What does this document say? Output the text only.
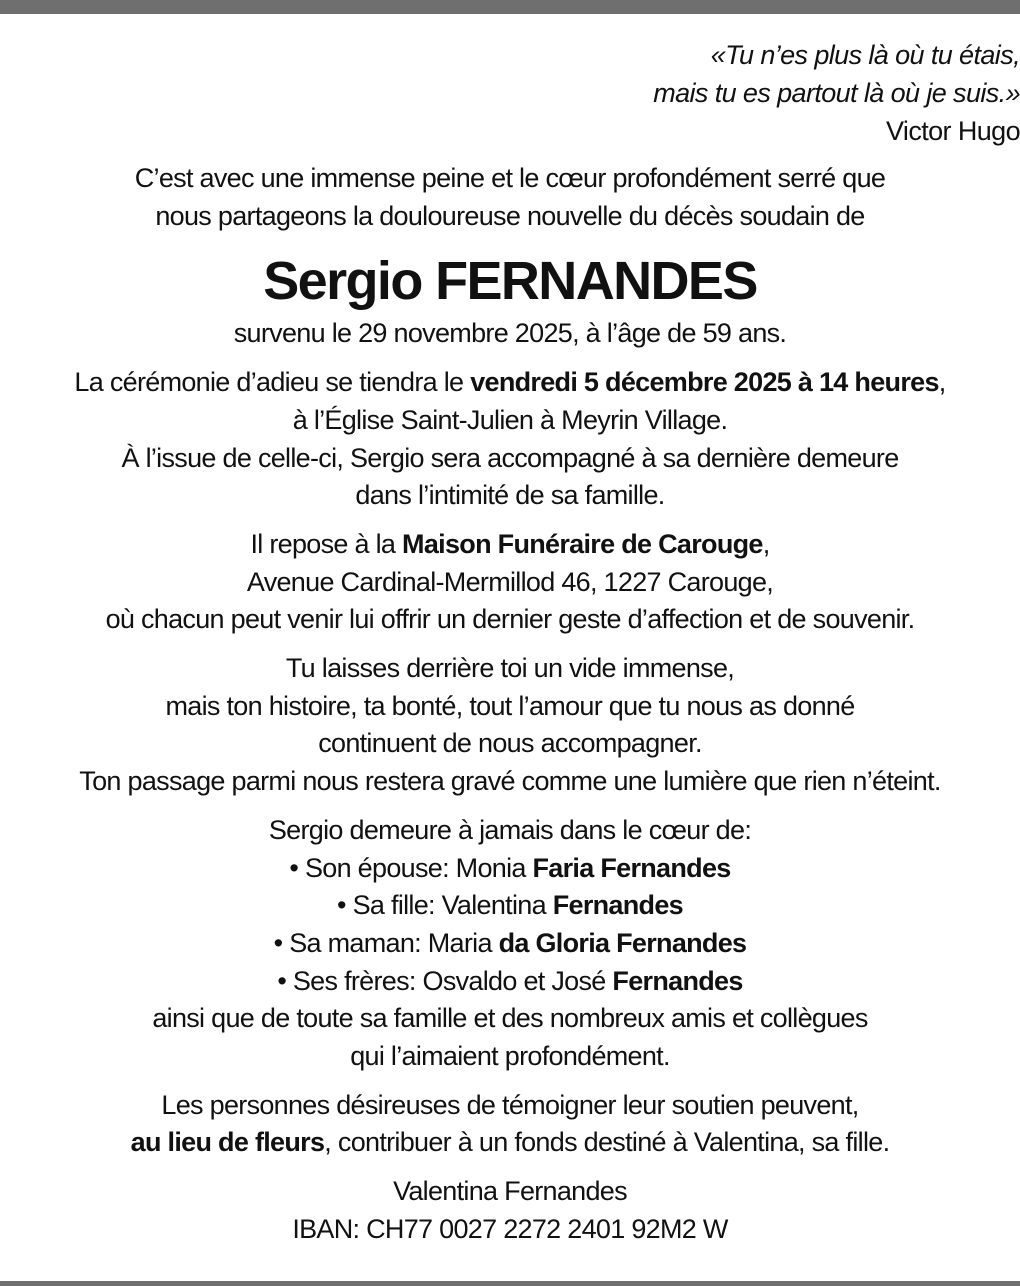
«Tu n’es plus là où tu étais,
mais tu es partout là où je suis.»
Victor Hugo

C’est avec une immense peine et le cœur profondément serré que
nous partageons la douloureuse nouvelle du décès soudain de

Sergio FERNANDES

survenu le 29 novembre 2025, à l’âge de 59 ans.

La cérémonie d’adieu se tiendra le vendredi 5 décembre 2025 à 14 heures,
à l’Église Saint-Julien à Meyrin Village.
À l’issue de celle-ci, Sergio sera accompagné à sa dernière demeure
dans l’intimité de sa famille.

Il repose à la Maison Funéraire de Carouge,
Avenue Cardinal-Mermillod 46, 1227 Carouge,
où chacun peut venir lui offrir un dernier geste d’affection et de souvenir.

Tu laisses derrière toi un vide immense,
mais ton histoire, ta bonté, tout l’amour que tu nous as donné
continuent de nous accompagner.
Ton passage parmi nous restera gravé comme une lumière que rien n’éteint.

Sergio demeure à jamais dans le cœur de:
• Son épouse: Monia Faria Fernandes
• Sa fille: Valentina Fernandes
• Sa maman: Maria da Gloria Fernandes
• Ses frères: Osvaldo et José Fernandes
ainsi que de toute sa famille et des nombreux amis et collègues
qui l’aimaient profondément.

Les personnes désireuses de témoigner leur soutien peuvent,
au lieu de fleurs, contribuer à un fonds destiné à Valentina, sa fille.

Valentina Fernandes
IBAN: CH77 0027 2272 2401 92M2 W
